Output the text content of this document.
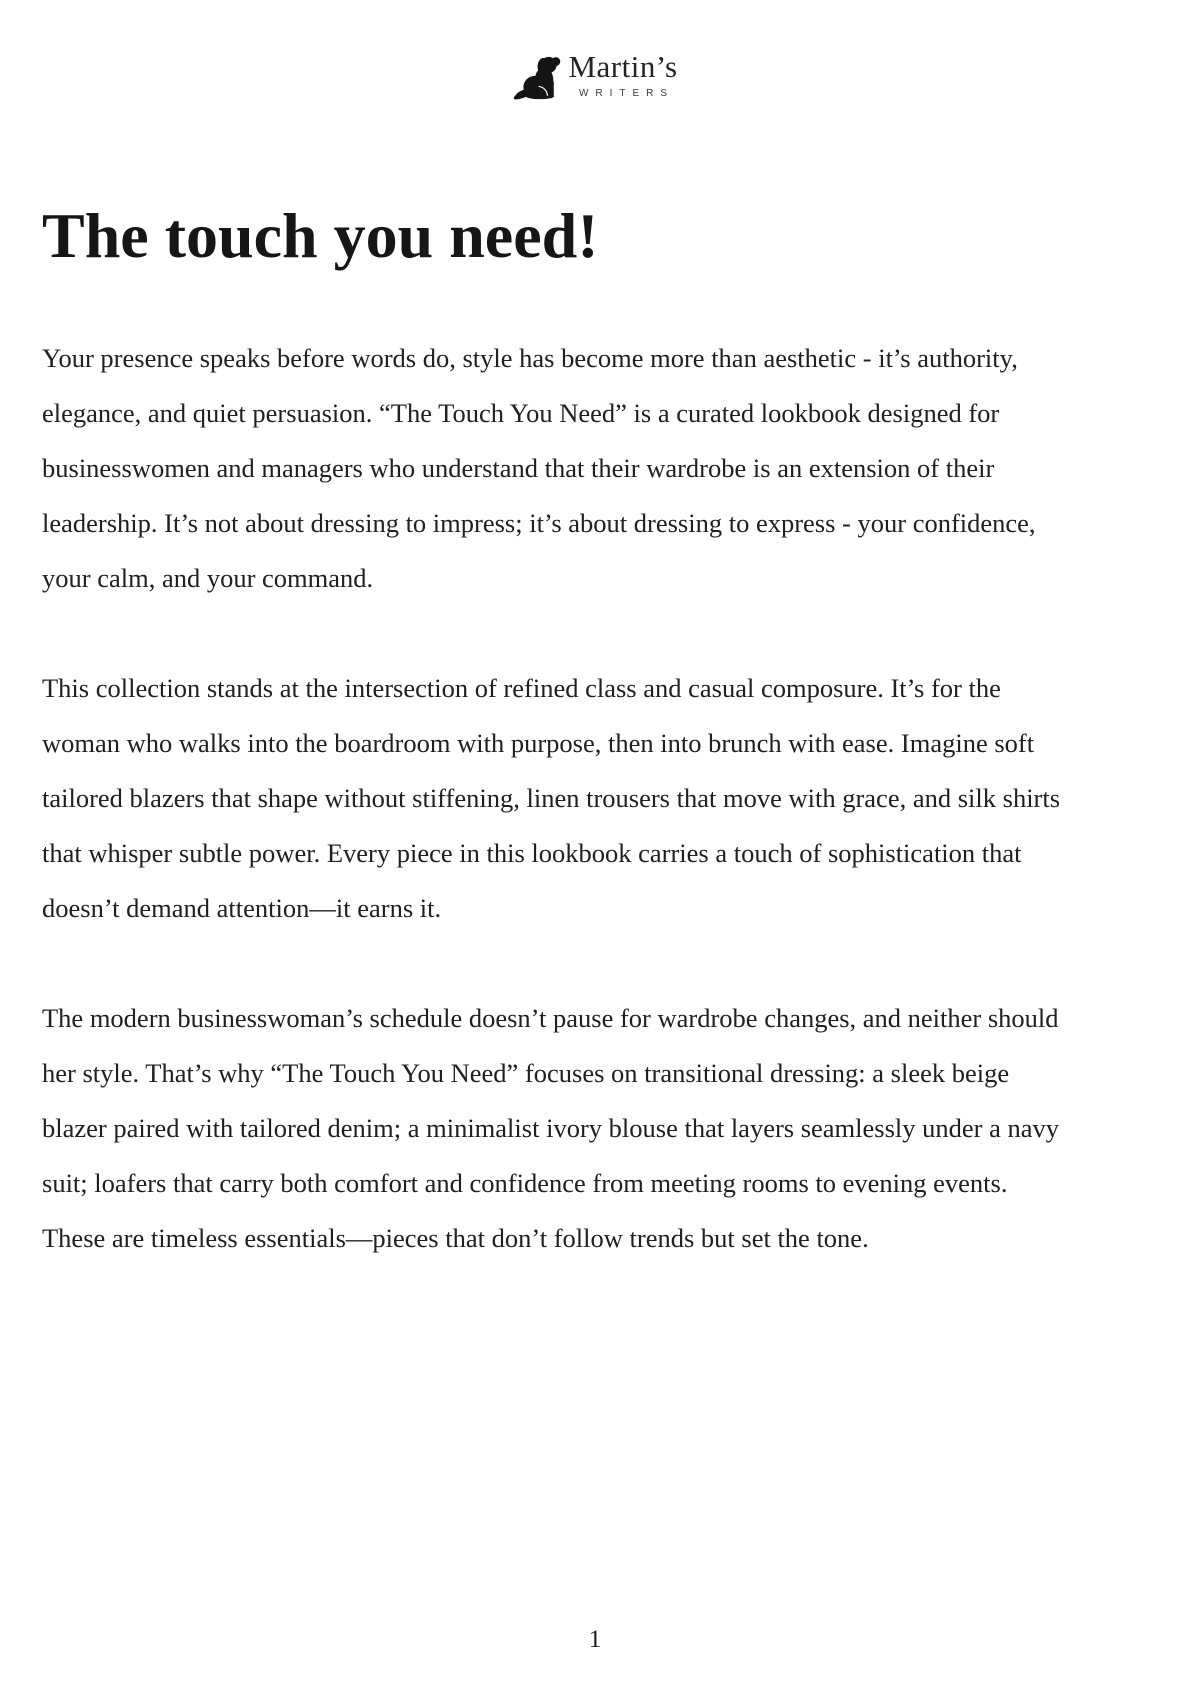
Martin’s
WRITERS
The touch you need!

Your presence speaks before words do, style has become more than aesthetic - it’s authority, elegance, and quiet persuasion. “The Touch You Need” is a curated lookbook designed for businesswomen and managers who understand that their wardrobe is an extension of their leadership. It’s not about dressing to impress; it’s about dressing to express - your confidence, your calm, and your command.

This collection stands at the intersection of refined class and casual composure. It’s for the woman who walks into the boardroom with purpose, then into brunch with ease. Imagine soft tailored blazers that shape without stiffening, linen trousers that move with grace, and silk shirts that whisper subtle power. Every piece in this lookbook carries a touch of sophistication that doesn’t demand attention—it earns it.

The modern businesswoman’s schedule doesn’t pause for wardrobe changes, and neither should her style. That’s why “The Touch You Need” focuses on transitional dressing: a sleek beige blazer paired with tailored denim; a minimalist ivory blouse that layers seamlessly under a navy suit; loafers that carry both comfort and confidence from meeting rooms to evening events. These are timeless essentials—pieces that don’t follow trends but set the tone.

1
